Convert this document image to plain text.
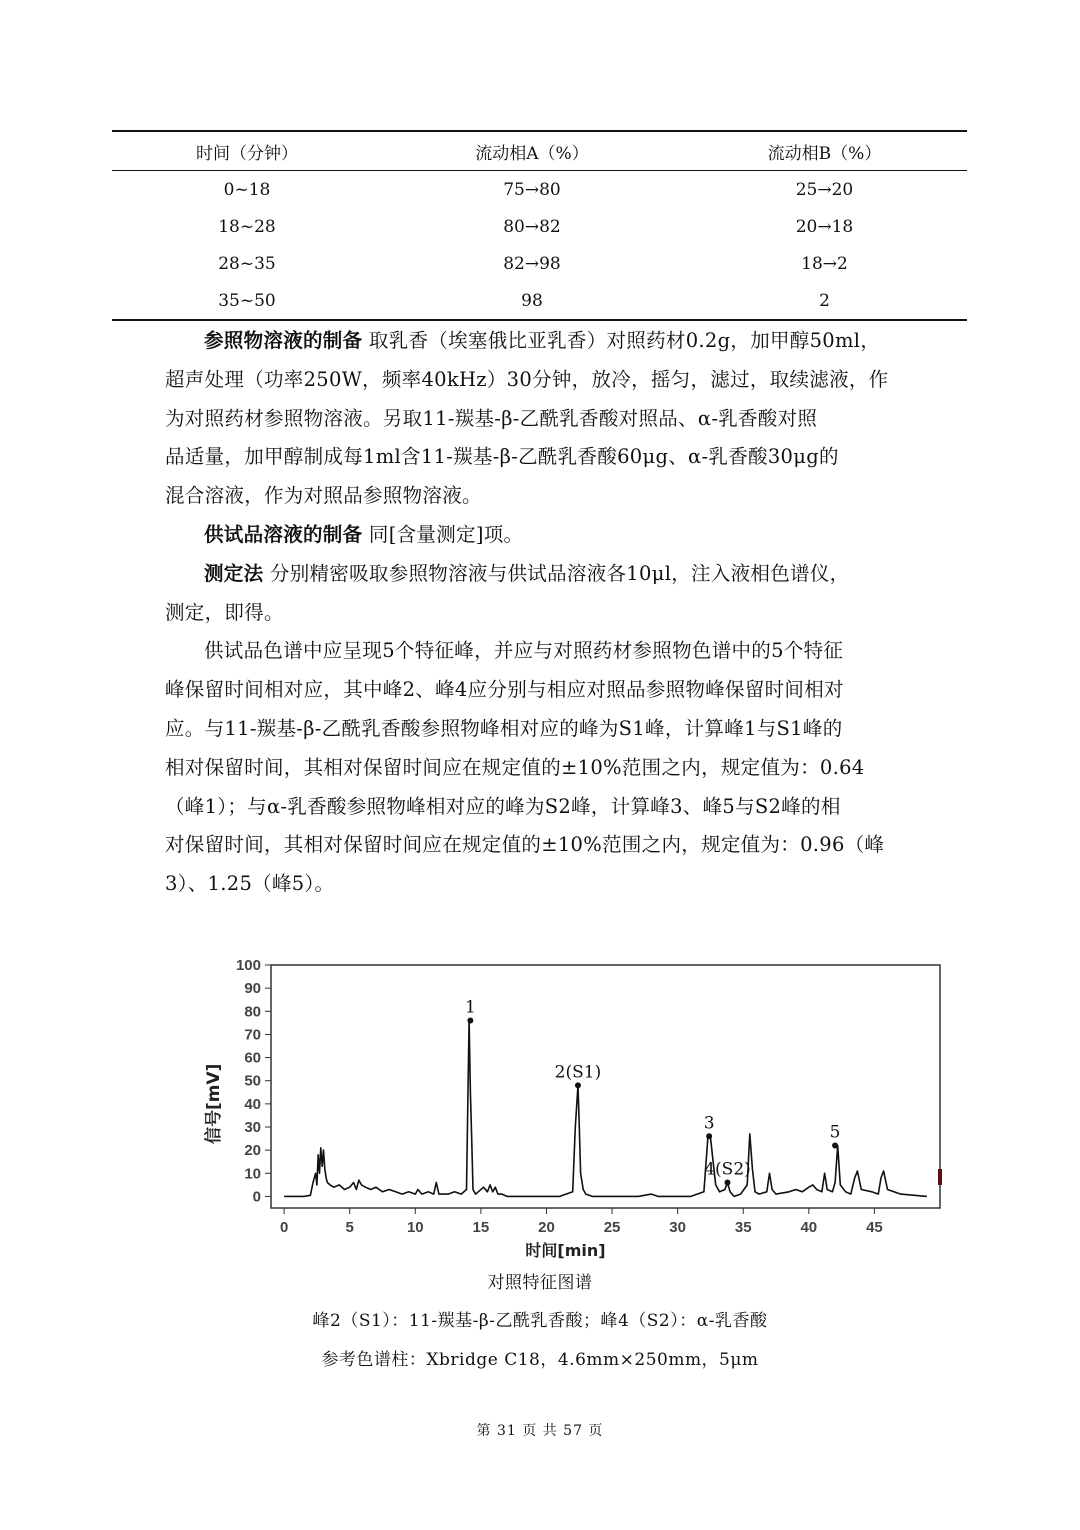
时间（分钟）	流动相A（%）	流动相B（%）
0~18	75→80	25→20
18~28	80→82	20→18
28~35	82→98	18→2
35~50	98	2

参照物溶液的制备 取乳香（埃塞俄比亚乳香）对照药材0.2g，加甲醇50ml，

超声处理（功率250W，频率40kHz）30分钟，放冷，摇匀，滤过，取续滤液，作

为对照药材参照物溶液。另取11-羰基-β-乙酰乳香酸对照品、α-乳香酸对照

品适量，加甲醇制成每1ml含11-羰基-β-乙酰乳香酸60μg、α-乳香酸30μg的

混合溶液，作为对照品参照物溶液。

供试品溶液的制备 同[含量测定]项。

测定法 分别精密吸取参照物溶液与供试品溶液各10μl，注入液相色谱仪，

测定，即得。

供试品色谱中应呈现5个特征峰，并应与对照药材参照物色谱中的5个特征

峰保留时间相对应，其中峰2、峰4应分别与相应对照品参照物峰保留时间相对

应。与11-羰基-β-乙酰乳香酸参照物峰相对应的峰为S1峰，计算峰1与S1峰的

相对保留时间，其相对保留时间应在规定值的±10%范围之内，规定值为：0.64

（峰1）；与α-乳香酸参照物峰相对应的峰为S2峰，计算峰3、峰5与S2峰的相

对保留时间，其相对保留时间应在规定值的±10%范围之内，规定值为：0.96（峰

3）、1.25（峰5）。

0
10
20
30
40
50
60
70
80
90
100
0	5	10	15	20	25	30	35	40	45
时间[min]
信号[mV]
1
2(S1)
3
4(S2)
5
对照特征图谱
峰2（S1）：11-羰基-β-乙酰乳香酸；峰4（S2）：α-乳香酸
参考色谱柱：Xbridge C18，4.6mm×250mm，5μm
第 31 页 共 57 页
